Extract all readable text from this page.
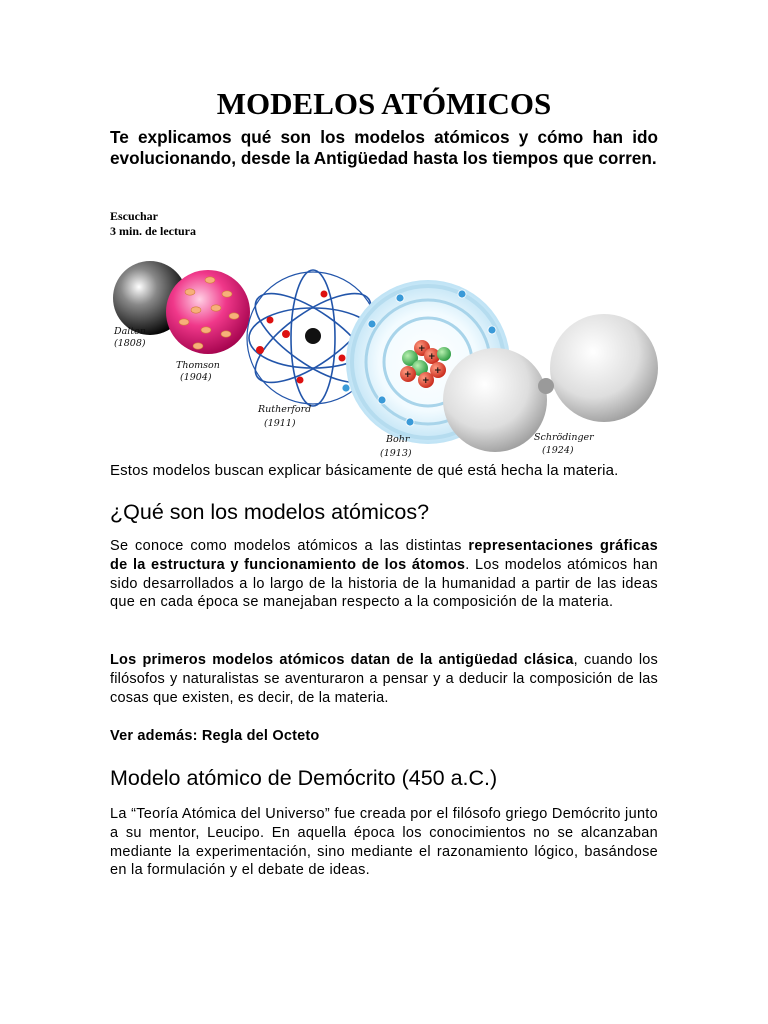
MODELOS ATÓMICOS

Te explicamos qué son los modelos atómicos y cómo han ido evolucionando, desde la Antigüedad hasta los tiempos que corren.

Escuchar
3 min. de lectura
+
+
+
+
+
Dalton
(1808)
Thomson
(1904)
Rutherford
(1911)
Bohr
(1913)
Schrödinger
(1924)

Estos modelos buscan explicar básicamente de qué está hecha la materia.

¿Qué son los modelos atómicos?

Se conoce como modelos atómicos a las distintas representaciones gráficas de la estructura y funcionamiento de los átomos. Los modelos atómicos han sido desarrollados a lo largo de la historia de la humanidad a partir de las ideas que en cada época se manejaban respecto a la composición de la materia.

Los primeros modelos atómicos datan de la antigüedad clásica, cuando los filósofos y naturalistas se aventuraron a pensar y a deducir la composición de las cosas que existen, es decir, de la materia.

Ver además: Regla del Octeto

Modelo atómico de Demócrito (450 a.C.)

La “Teoría Atómica del Universo” fue creada por el filósofo griego Demócrito junto a su mentor, Leucipo. En aquella época los conocimientos no se alcanzaban mediante la experimentación, sino mediante el razonamiento lógico, basándose en la formulación y el debate de ideas.
